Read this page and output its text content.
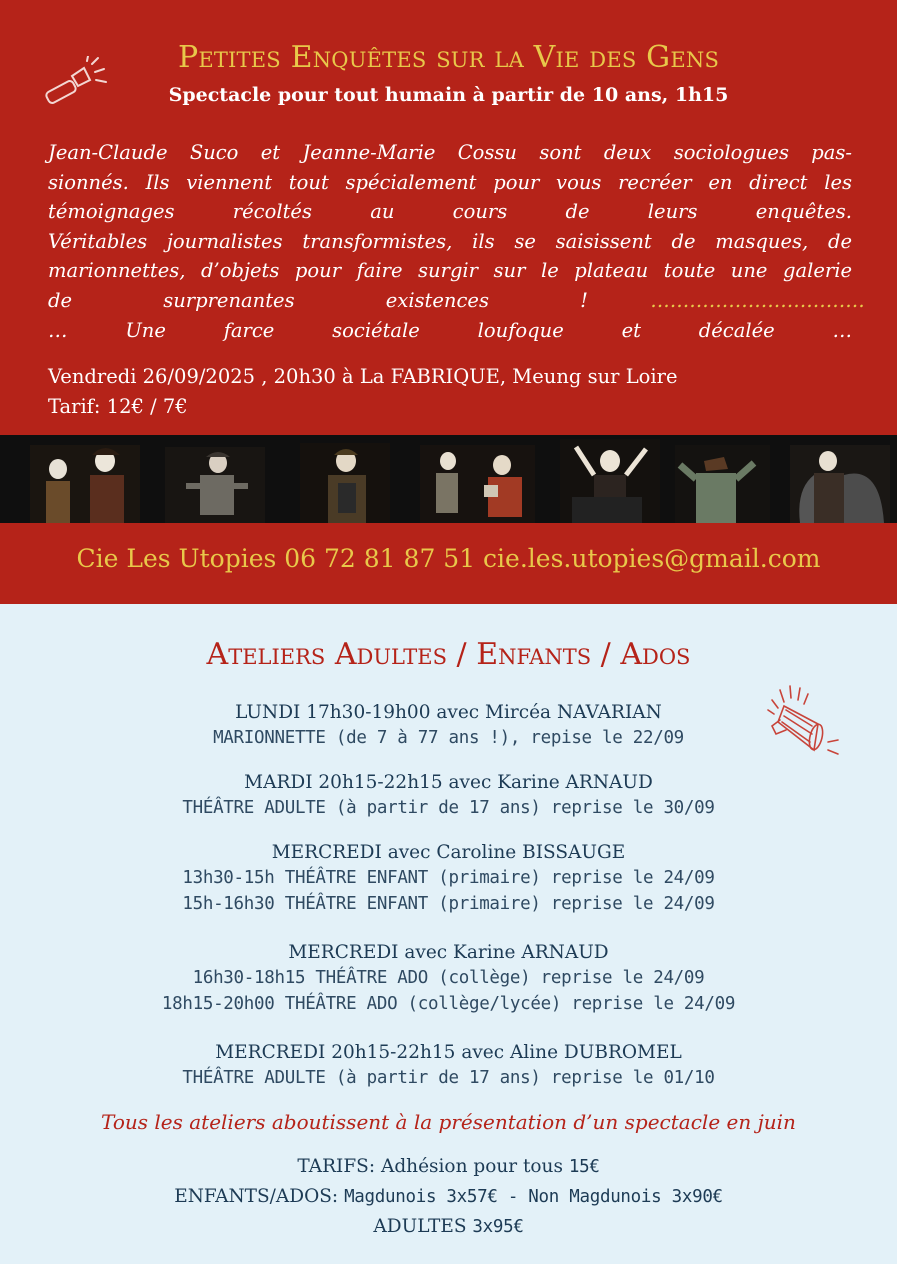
Petites Enquêtes sur la Vie des Gens
Spectacle pour tout humain à partir de 10 ans, 1h15
Jean-Claude Suco et Jeanne-Marie Cossu sont deux sociologues pas-
sionnés. Ils viennent tout spécialement pour vous recréer en direct les
témoignages récoltés au cours de leurs enquêtes.
Véritables journalistes transformistes, ils se saisissent de masques, de
marionnettes, d’objets pour faire surgir sur le plateau toute une galerie
de surprenantes existences !	……………………………
… Une farce sociétale loufoque et décalée …
Vendredi 26/09/2025 , 20h30 à La FABRIQUE, Meung sur Loire
Tarif: 12€ / 7€
Cie Les Utopies 06 72 81 87 51 cie.les.utopies@gmail.com
Ateliers Adultes / Enfants / Ados
LUNDI 17h30-19h00 avec Mircéa NAVARIAN
MARIONNETTE (de 7 à 77 ans !), repise le 22/09
MARDI 20h15-22h15 avec Karine ARNAUD
THÉÂTRE ADULTE (à partir de 17 ans) reprise le 30/09
MERCREDI avec Caroline BISSAUGE
13h30-15h THÉÂTRE ENFANT (primaire) reprise le 24/09
15h-16h30 THÉÂTRE ENFANT (primaire) reprise le 24/09
MERCREDI avec Karine ARNAUD
16h30-18h15 THÉÂTRE ADO (collège) reprise le 24/09
18h15-20h00 THÉÂTRE ADO (collège/lycée) reprise le 24/09
MERCREDI 20h15-22h15 avec Aline DUBROMEL
THÉÂTRE ADULTE (à partir de 17 ans) reprise le 01/10
Tous les ateliers aboutissent à la présentation d’un spectacle en juin
TARIFS: Adhésion pour tous 15€
ENFANTS/ADOS: Magdunois 3x57€ - Non Magdunois 3x90€
ADULTES 3x95€
